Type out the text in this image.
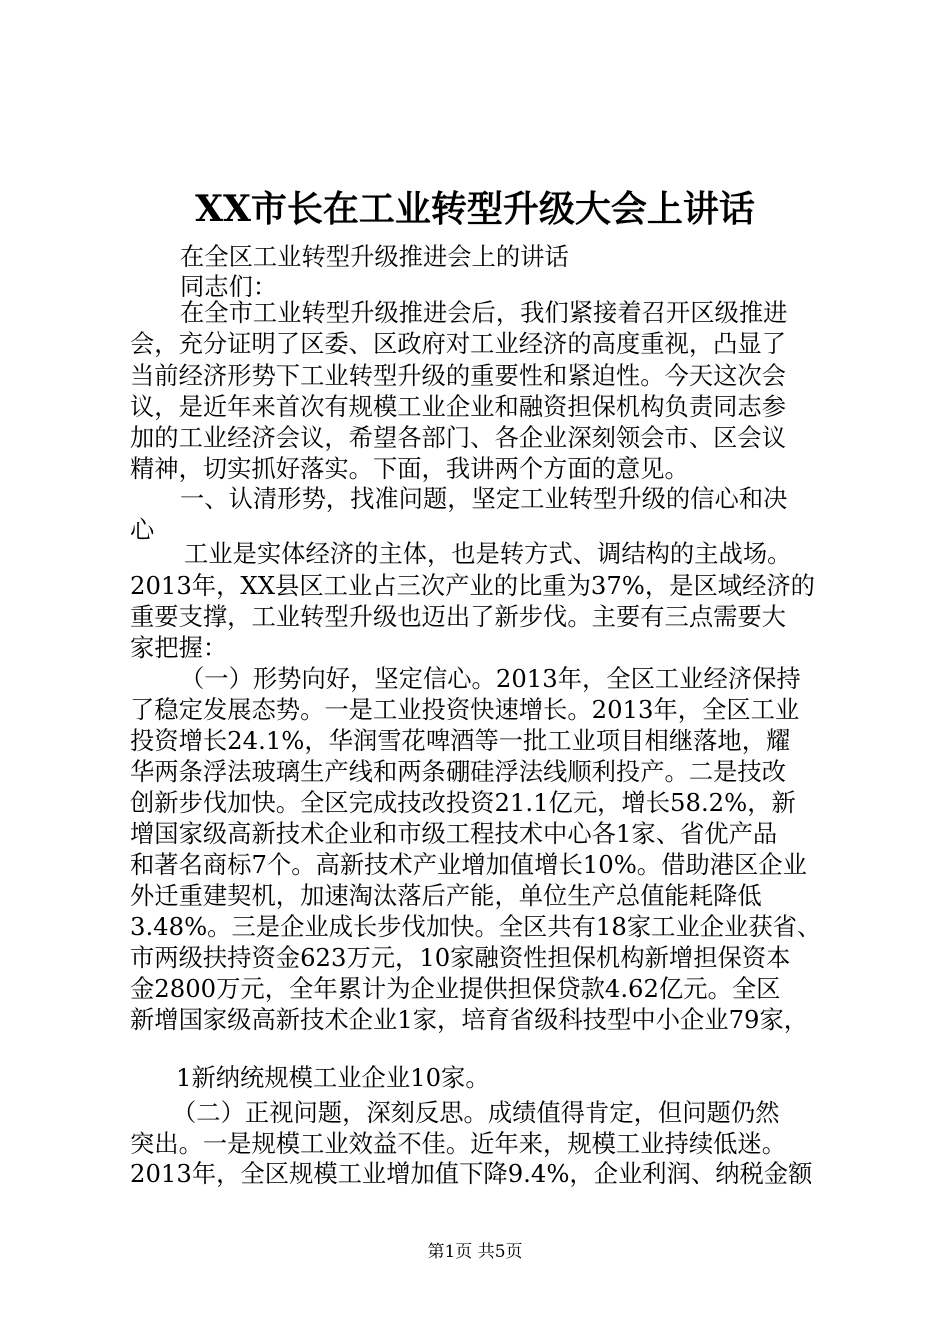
XX市长在工业转型升级大会上讲话
在全区工业转型升级推进会上的讲话
同志们：
在全市工业转型升级推进会后，我们紧接着召开区级推进
会，充分证明了区委、区政府对工业经济的高度重视，凸显了
当前经济形势下工业转型升级的重要性和紧迫性。今天这次会
议，是近年来首次有规模工业企业和融资担保机构负责同志参
加的工业经济会议，希望各部门、各企业深刻领会市、区会议
精神，切实抓好落实。下面，我讲两个方面的意见。
一、认清形势，找准问题，坚定工业转型升级的信心和决
心
工业是实体经济的主体，也是转方式、调结构的主战场。
2013年，XX县区工业占三次产业的比重为37%，是区域经济的
重要支撑，工业转型升级也迈出了新步伐。主要有三点需要大
家把握：
（一）形势向好，坚定信心。2013年，全区工业经济保持
了稳定发展态势。一是工业投资快速增长。2013年，全区工业
投资增长24.1%，华润雪花啤酒等一批工业项目相继落地，耀
华两条浮法玻璃生产线和两条硼硅浮法线顺利投产。二是技改
创新步伐加快。全区完成技改投资21.1亿元，增长58.2%，新
增国家级高新技术企业和市级工程技术中心各1家、省优产品
和著名商标7个。高新技术产业增加值增长10%。借助港区企业
外迁重建契机，加速淘汰落后产能，单位生产总值能耗降低
3.48%。三是企业成长步伐加快。全区共有18家工业企业获省、
市两级扶持资金623万元，10家融资性担保机构新增担保资本
金2800万元，全年累计为企业提供担保贷款4.62亿元。全区
新增国家级高新技术企业1家，培育省级科技型中小企业79家，
1新纳统规模工业企业10家。
（二）正视问题，深刻反思。成绩值得肯定，但问题仍然
突出。一是规模工业效益不佳。近年来，规模工业持续低迷。
2013年，全区规模工业增加值下降9.4%，企业利润、纳税金额
第1页 共5页
